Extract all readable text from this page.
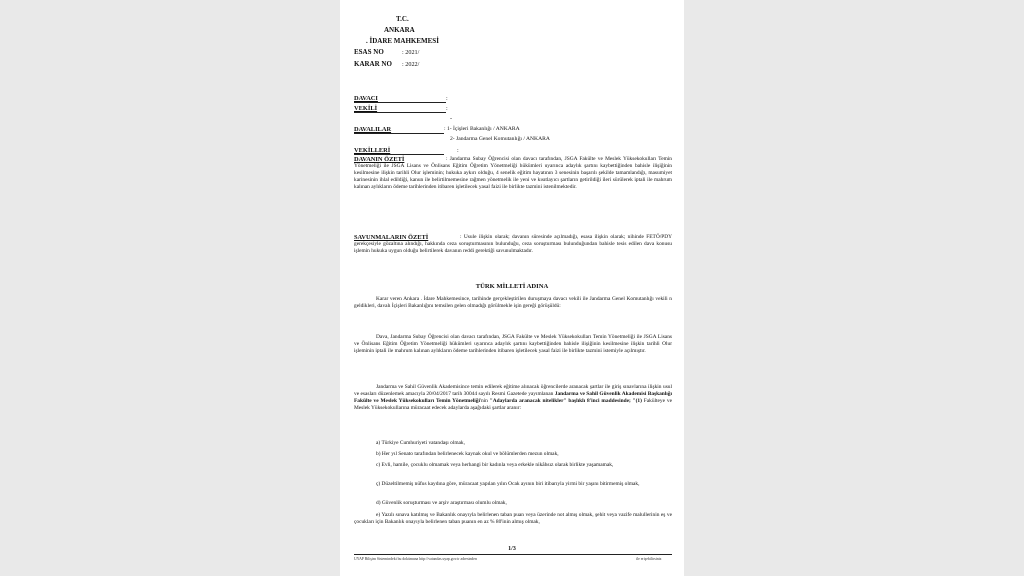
T.C.
ANKARA
. İDARE MAHKEMESİ
ESAS NO	: 2021/
KARAR NO : 2022/
DAVACI	:
VEKİLİ	:
-
DAVALILAR	: 1- İçişleri Bakanlığı / ANKARA
2- Jandarma Genel Komutanlığı / ANKARA
VEKİLLERİ	:
DAVANIN ÖZETİ	: Jandarma Subay Öğrencisi olan davacı tarafından, JSGA Fakülte ve Meslek Yüksekokulları Temin Yönetmeliği ile JSGA Lisans ve Önlisans Eğitim Öğretim Yönetmeliği hükümleri uyarınca adaylık şartını kaybettiğinden bahisle ilişiğinin kesilmesine ilişkin tarihli Olur işleminin; hukuka aykırı olduğu, 4 senelik eğitim hayatının 3 senesinin başarılı şekilde tamamlandığı, masumiyet karinesinin ihlal edildiği, kanun ile belirtilmemesine rağmen yönetmelik ile yeni ve kısıtlayıcı şartların getirildiği ileri sürülerek iptali ile mahrum kalınan aylıkların ödeme tarihlerinden itibaren işletilecek yasal faizi ile birlikte tazmini istenilmektedir.
SAVUNMALARIN ÖZETİ	: Usule ilişkin olarak; davanın süresinde açılmadığı, esasa ilişkin olarak; nihinde FETÖ/PDY gerekçesiyle gözaltına alındığı, hakkında ceza soruşturmasının bulunduğu, ceza soruşturması bulunduğundan bahisle tesis edilen dava konusu işlemin hukuka uygun olduğu belirtilerek davanın reddi gerektiği savunulmaktadır.
TÜRK MİLLETİ ADINA
Karar veren Ankara . İdare Mahkemesince, tarihinde gerçekleştirilen duruşmaya davacı vekili ile Jandarma Genel Komutanlığı vekili n geldikleri, davalı İçişleri Bakanlığını temsilen gelen olmadığı görülmekle işin gereği görüşüldü:
Dava, Jandarma Subay Öğrencisi olan davacı tarafından, JSGA Fakülte ve Meslek Yüksekokulları Temin Yönetmeliği ile JSGA Lisans ve Önlisans Eğitim Öğretim Yönetmeliği hükümleri uyarınca adaylık şartını kaybettiğinden bahisle ilişiğinin kesilmesine ilişkin tarihli Olur işleminin iptali ile mahrum kalınan aylıkların ödeme tarihlerinden itibaren işletilecek yasal faizi ile birlikte tazmini istemiyle açılmıştır.
Jandarma ve Sahil Güvenlik Akademisince temin edilerek eğitime alınacak öğrencilerde aranacak şartlar ile giriş sınavlarına ilişkin usul ve esasları düzenlemek amacıyla 20/04/2017 tarih 30044 sayılı Resmi Gazetede yayımlanan Jandarma ve Sahil Güvenlik Akademisi Başkanlığı Fakülte ve Meslek Yüksekokulları Temin Yönetmeliği'nin "Adaylarda aranacak nitelikler" başlıklı 8'inci maddesinde; "(1) Fakülteye ve Meslek Yüksekokullarına müracaat edecek adaylarda aşağıdaki şartlar aranır:
a) Türkiye Cumhuriyeti vatandaşı olmak,
b) Her yıl Senato tarafından belirlenecek kaynak okul ve bölümlerden mezun olmak,
c) Evli, hamile, çocuklu olmamak veya herhangi bir kadınla veya erkekle nikâhsız olarak birlikte yaşamamak,
ç) Düzeltilmemiş nüfus kaydına göre, müracaat yapılan yılın Ocak ayının biri itibarıyla yirmi bir yaşını bitirmemiş olmak,
d) Güvenlik soruşturması ve arşiv araştırması olumlu olmak,
e) Yazılı sınava katılmış ve Bakanlık onayıyla belirlenen taban puan veya üzerinde not almış olmak, şehit veya vazife malullerinin eş ve çocukları için Bakanlık onayıyla belirlenen taban puanın en az % 80'inin almış olmak,
1/3
UYAP Bilişim Sistemindeki bu dokümana http://vatandas.uyap.gov.tr adresinden	ile erişebilirsiniz
